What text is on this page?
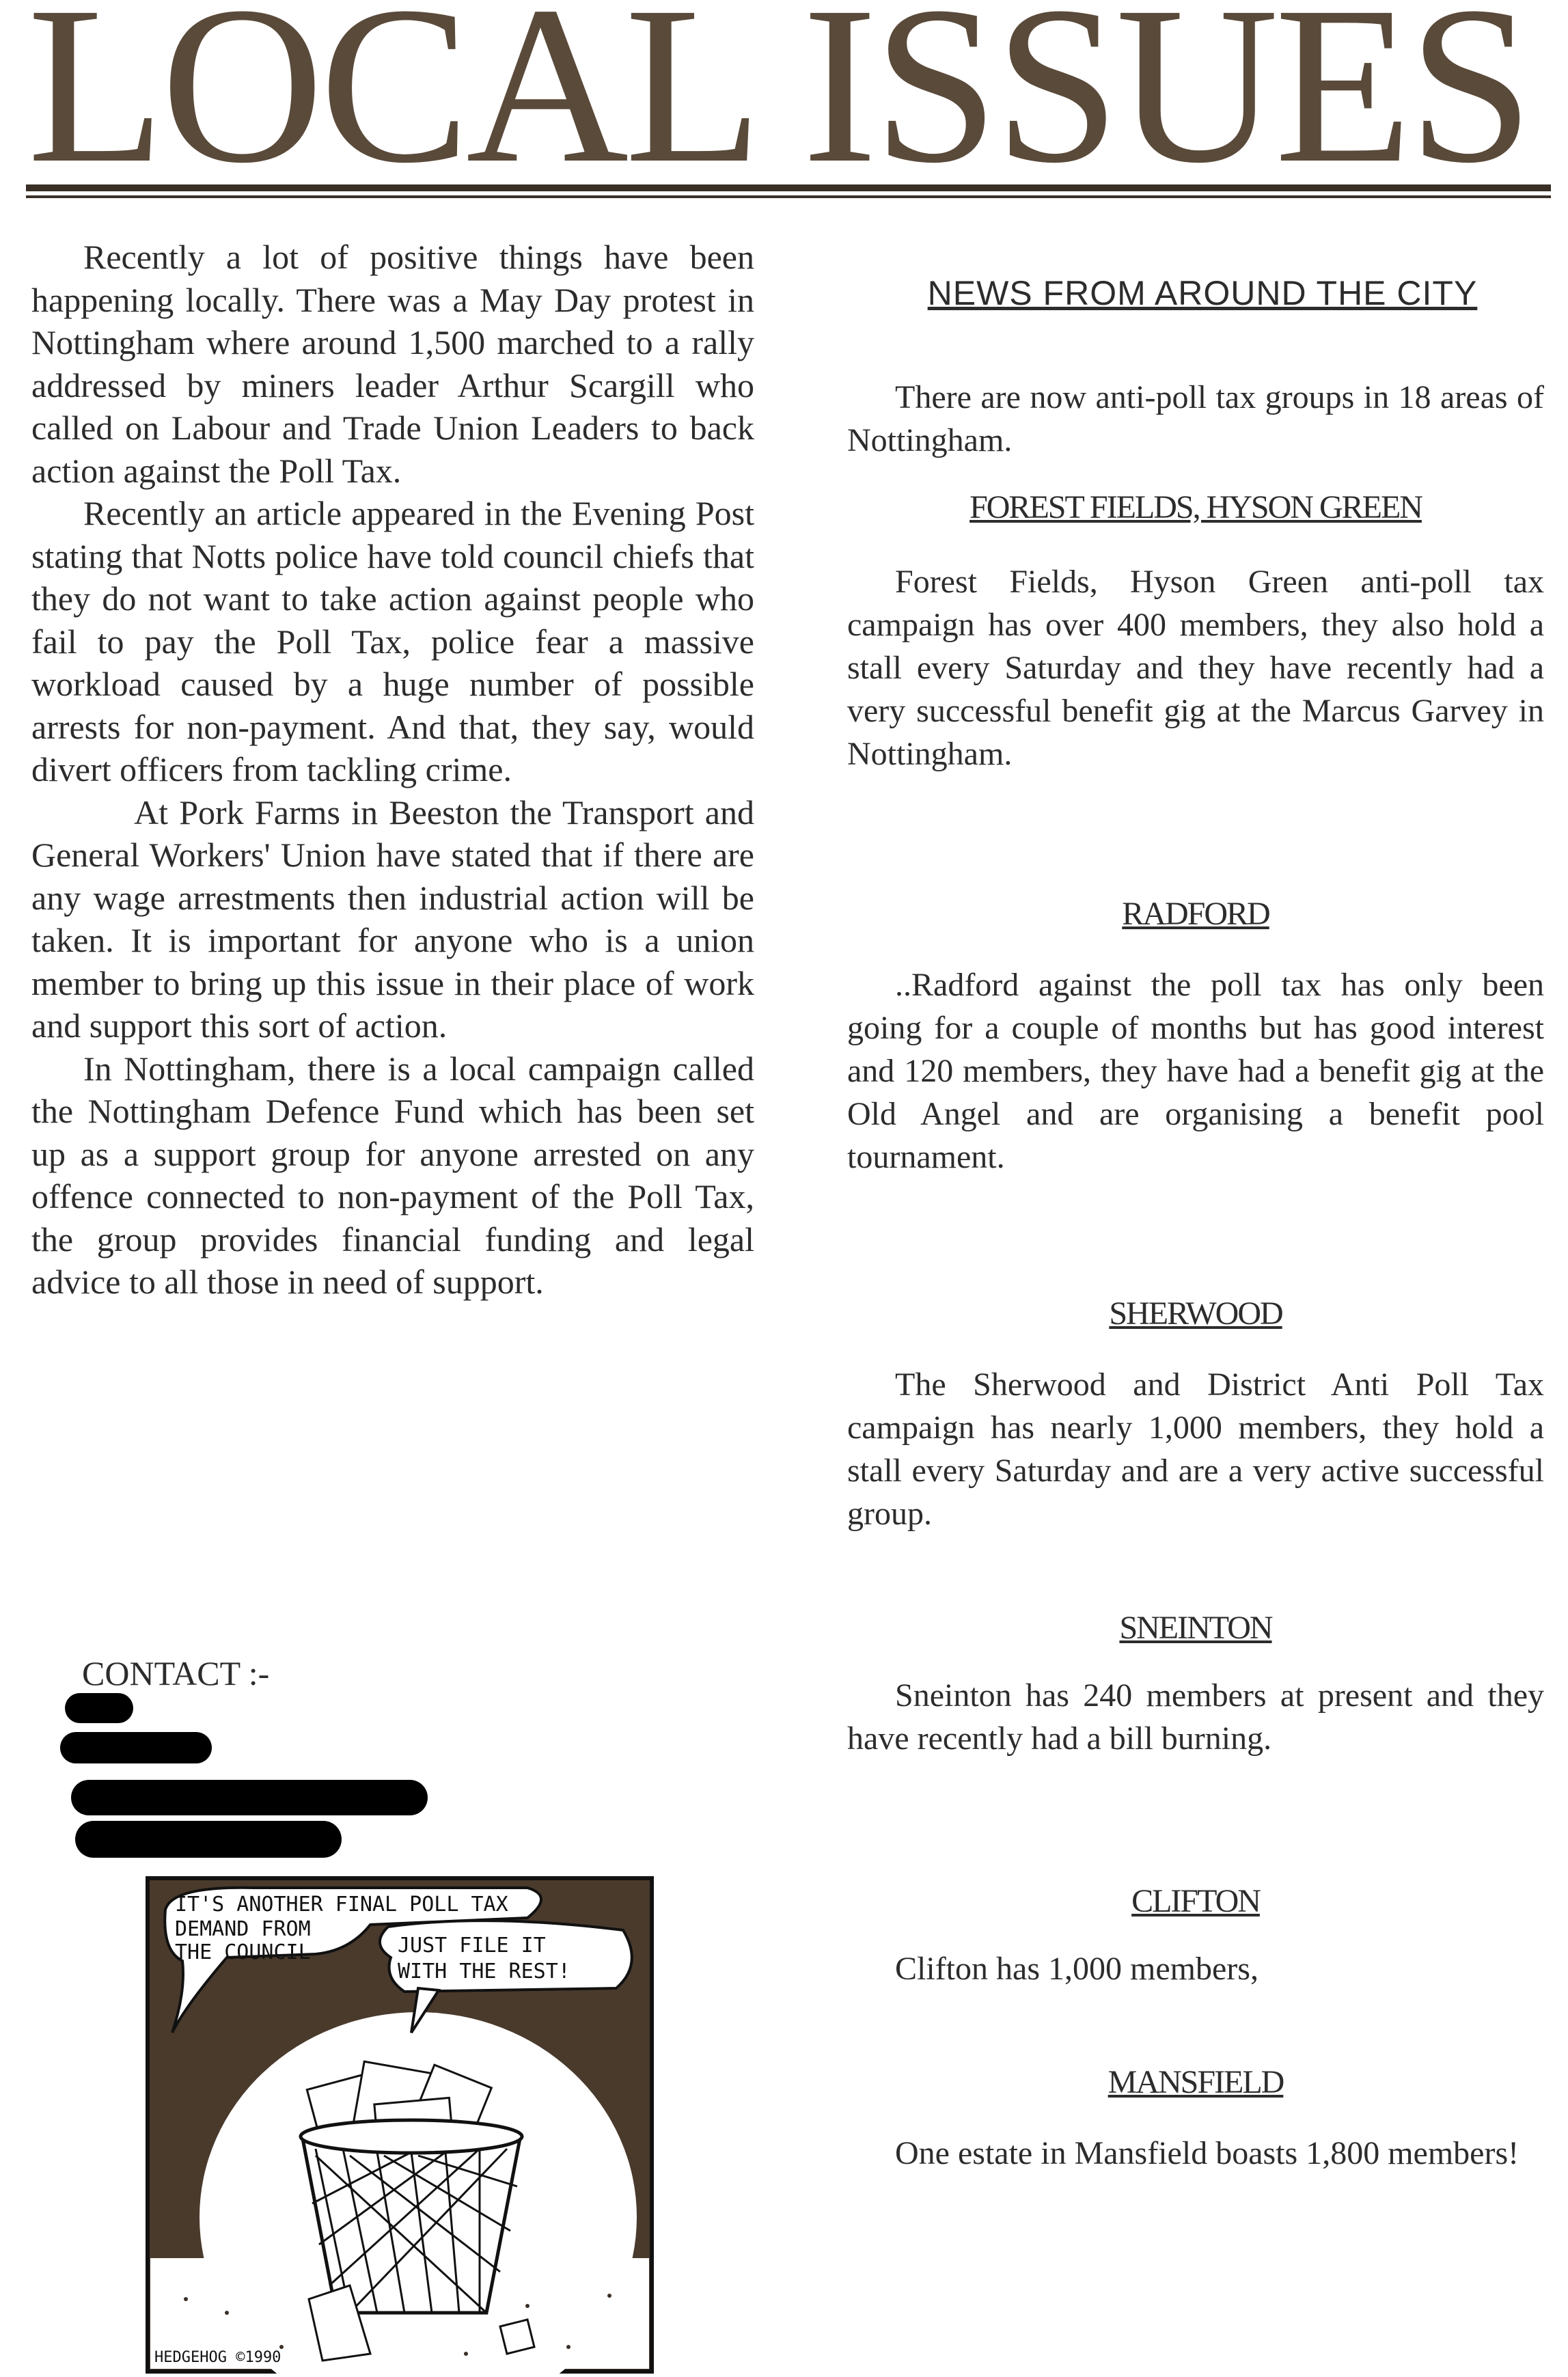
LOCAL ISSUES

Recently a lot of positive things have been happening locally. There was a May Day protest in Nottingham where around 1,500 marched to a rally addressed by miners leader Arthur Scargill who called on Labour and Trade Union Leaders to back action against the Poll Tax.

Recently an article appeared in the Evening Post stating that Notts police have told council chiefs that they do not want to take action against people who fail to pay the Poll Tax, police fear a massive workload caused by a huge number of possible arrests for non-payment. And that, they say, would divert officers from tackling crime.

At Pork Farms in Beeston the Transport and General Workers' Union have stated that if there are any wage arrestments then industrial action will be taken. It is important for anyone who is a union member to bring up this issue in their place of work and support this sort of action.

In Nottingham, there is a local campaign called the Nottingham Defence Fund which has been set up as a support group for anyone arrested on any offence connected to non-payment of the Poll Tax, the group provides financial funding and legal advice to all those in need of support.

CONTACT :-
IT'S ANOTHER FINAL POLL TAX
DEMAND FROM
THE COUNCIL	JUST FILE IT
WITH THE REST!
HEDGEHOG ©1990
NEWS FROM AROUND THE CITY

There are now anti-poll tax groups in 18 areas of Nottingham.

FOREST FIELDS, HYSON GREEN

Forest Fields, Hyson Green anti-poll tax campaign has over 400 members, they also hold a stall every Saturday and they have recently had a very successful benefit gig at the Marcus Garvey in Nottingham.

RADFORD

..Radford against the poll tax has only been going for a couple of months but has good interest and 120 members, they have had a benefit gig at the Old Angel and are organising a benefit pool tournament.

SHERWOOD

The Sherwood and District Anti Poll Tax campaign has nearly 1,000 members, they hold a stall every Saturday and are a very active successful group.

SNEINTON

Sneinton has 240 members at present and they have recently had a bill burning.

CLIFTON

Clifton has 1,000 members,

MANSFIELD

One estate in Mansfield boasts 1,800 members!
